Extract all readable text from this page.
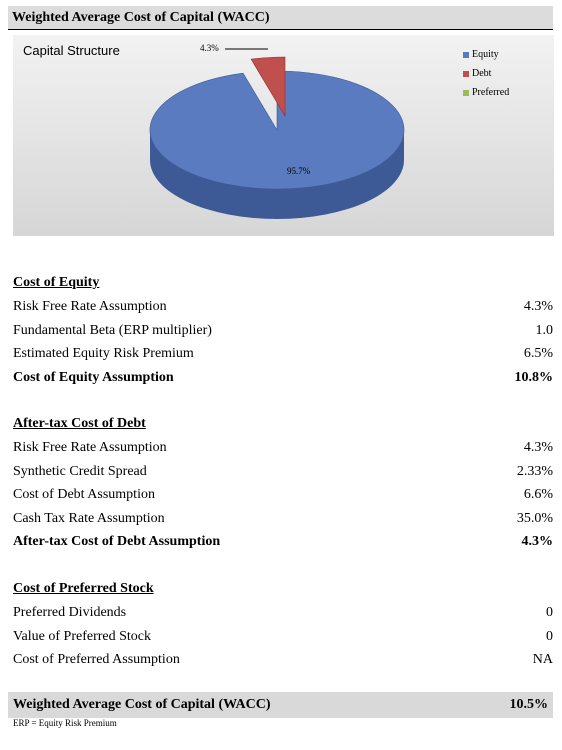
Weighted Average Cost of Capital (WACC)
Capital Structure
95.7%
4.3%
Equity
Debt
Preferred
Cost of Equity
Risk Free Rate Assumption	4.3%
Fundamental Beta (ERP multiplier)	1.0
Estimated Equity Risk Premium	6.5%
Cost of Equity Assumption	10.8%
After-tax Cost of Debt
Risk Free Rate Assumption	4.3%
Synthetic Credit Spread	2.33%
Cost of Debt Assumption	6.6%
Cash Tax Rate Assumption	35.0%
After-tax Cost of Debt Assumption	4.3%
Cost of Preferred Stock
Preferred Dividends	0
Value of Preferred Stock	0
Cost of Preferred Assumption	NA
Weighted Average Cost of Capital (WACC)	10.5%
ERP = Equity Risk Premium
